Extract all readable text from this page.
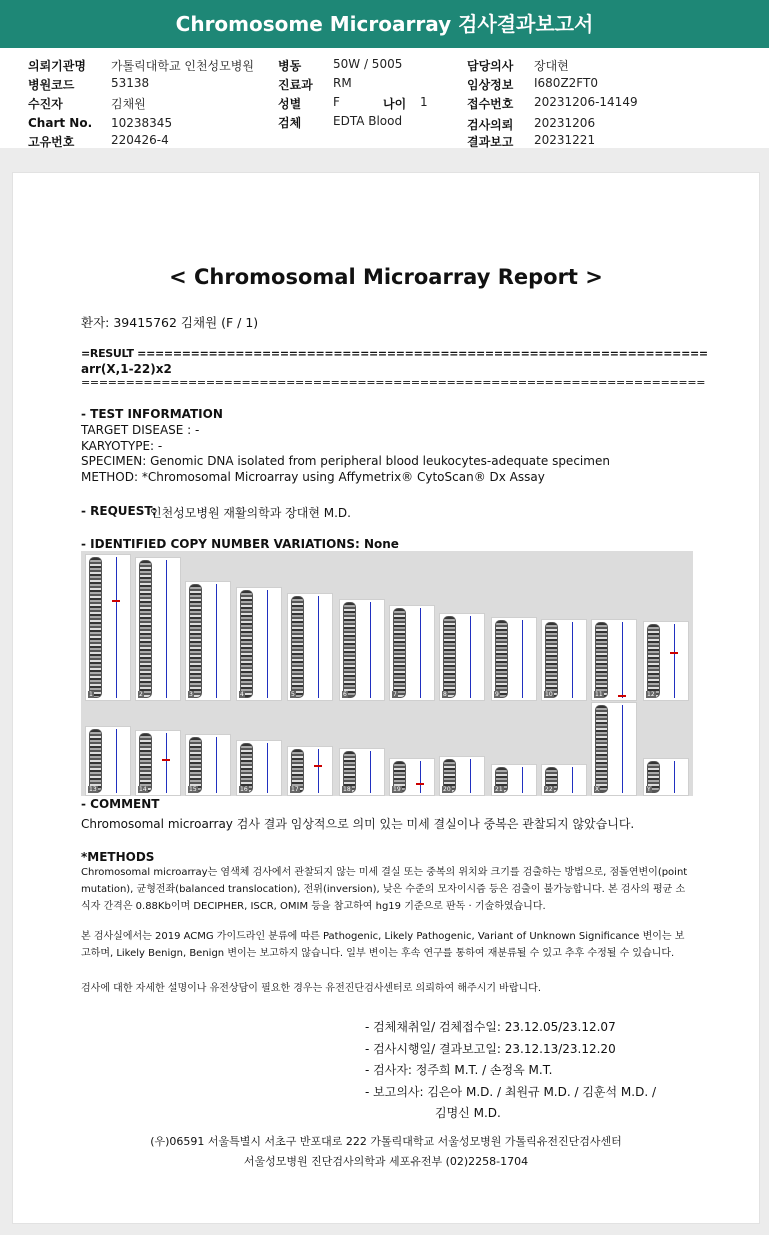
Chromosome Microarray 검사결과보고서
의뢰기관명 가톨릭대학교 인천성모병원
병원코드	53138
수진자	김채원
Chart No. 10238345
고유번호	220426-4
병동	50W / 5005
진료과 RM
성별	F	나이 1
검체	EDTA Blood
담당의사 장대현
임상정보 I680Z2FT0
접수번호 20231206-14149
검사의뢰 20231206
결과보고 20231221
< Chromosomal Microarray Report >
환자: 39415762 김채원 (F / 1)
=RESULT ================================================================
arr(X,1-22)x2
======================================================================
- TEST INFORMATION
TARGET DISEASE : -
KARYOTYPE: -
SPECIMEN: Genomic DNA isolated from peripheral blood leukocytes-adequate specimen
METHOD: *Chromosomal Microarray using Affymetrix® CytoScan® Dx Assay
- REQUEST:
인천성모병원 재활의학과 장대현 M.D.
- IDENTIFIED COPY NUMBER VARIATIONS: None
1	2	3	4	5	6	7	8	9	10	11	12
13	14	15	16	17	18	19	20	21	22	X	Y
- COMMENT
Chromosomal microarray 검사 결과 임상적으로 의미 있는 미세 결실이나 중복은 관찰되지 않았습니다.
*METHODS
Chromosomal microarray는 염색체 검사에서 관찰되지 않는 미세 결실 또는 중복의 위치와 크기를 검출하는 방법으로, 점돌연변이(point mutation), 균형전좌(balanced translocation), 전위(inversion), 낮은 수준의 모자이시즘 등은 검출이 불가능합니다. 본 검사의 평균 소식자 간격은 0.88Kb이며 DECIPHER, ISCR, OMIM 등을 참고하여 hg19 기준으로 판독 · 기술하였습니다.
본 검사실에서는 2019 ACMG 가이드라인 분류에 따른 Pathogenic, Likely Pathogenic, Variant of Unknown Significance 변이는 보고하며, Likely Benign, Benign 변이는 보고하지 않습니다. 일부 변이는 후속 연구를 통하여 재분류될 수 있고 추후 수정될 수 있습니다.
검사에 대한 자세한 설명이나 유전상담이 필요한 경우는 유전진단검사센터로 의뢰하여 해주시기 바랍니다.
- 검체채취일/ 검체접수일: 23.12.05/23.12.07
- 검사시행일/ 결과보고일: 23.12.13/23.12.20
- 검사자: 정주희 M.T. / 손정옥 M.T.
- 보고의사: 김은아 M.D. / 최원규 M.D. / 김훈석 M.D. /
김명신 M.D.
(우)06591 서울특별시 서초구 반포대로 222 가톨릭대학교 서울성모병원 가톨릭유전진단검사센터
서울성모병원 진단검사의학과 세포유전부 (02)2258-1704
